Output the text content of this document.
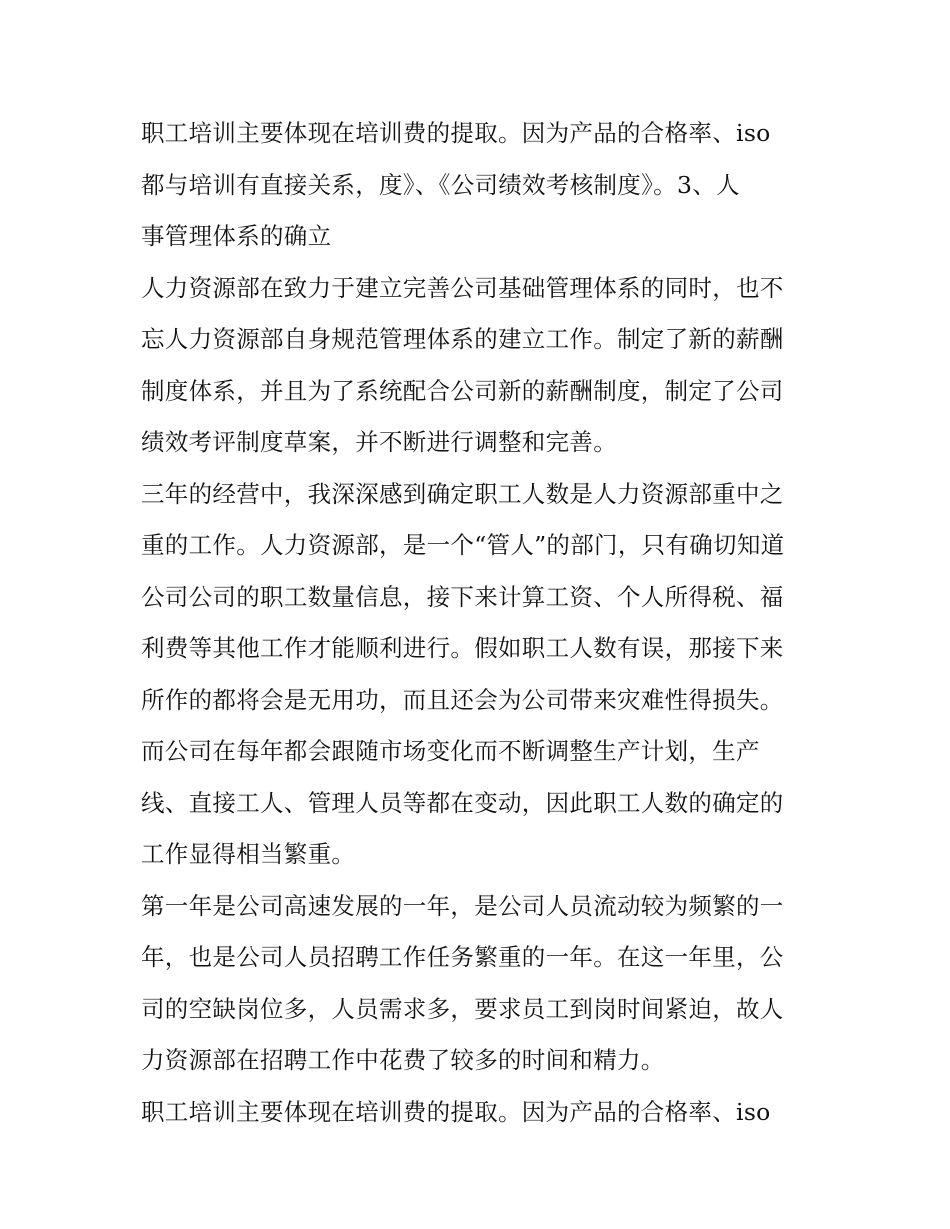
职工培训主要体现在培训费的提取。因为产品的合格率、iso
都与培训有直接关系，度》、《公司绩效考核制度》。3、人
事管理体系的确立
人力资源部在致力于建立完善公司基础管理体系的同时，也不
忘人力资源部自身规范管理体系的建立工作。制定了新的薪酬
制度体系，并且为了系统配合公司新的薪酬制度，制定了公司
绩效考评制度草案，并不断进行调整和完善。
三年的经营中，我深深感到确定职工人数是人力资源部重中之
重的工作。人力资源部，是一个“管人”的部门，只有确切知道
公司公司的职工数量信息，接下来计算工资、个人所得税、福
利费等其他工作才能顺利进行。假如职工人数有误，那接下来
所作的都将会是无用功，而且还会为公司带来灾难性得损失。
而公司在每年都会跟随市场变化而不断调整生产计划，生产
线、直接工人、管理人员等都在变动，因此职工人数的确定的
工作显得相当繁重。
第一年是公司高速发展的一年，是公司人员流动较为频繁的一
年，也是公司人员招聘工作任务繁重的一年。在这一年里，公
司的空缺岗位多，人员需求多，要求员工到岗时间紧迫，故人
力资源部在招聘工作中花费了较多的时间和精力。
职工培训主要体现在培训费的提取。因为产品的合格率、iso
